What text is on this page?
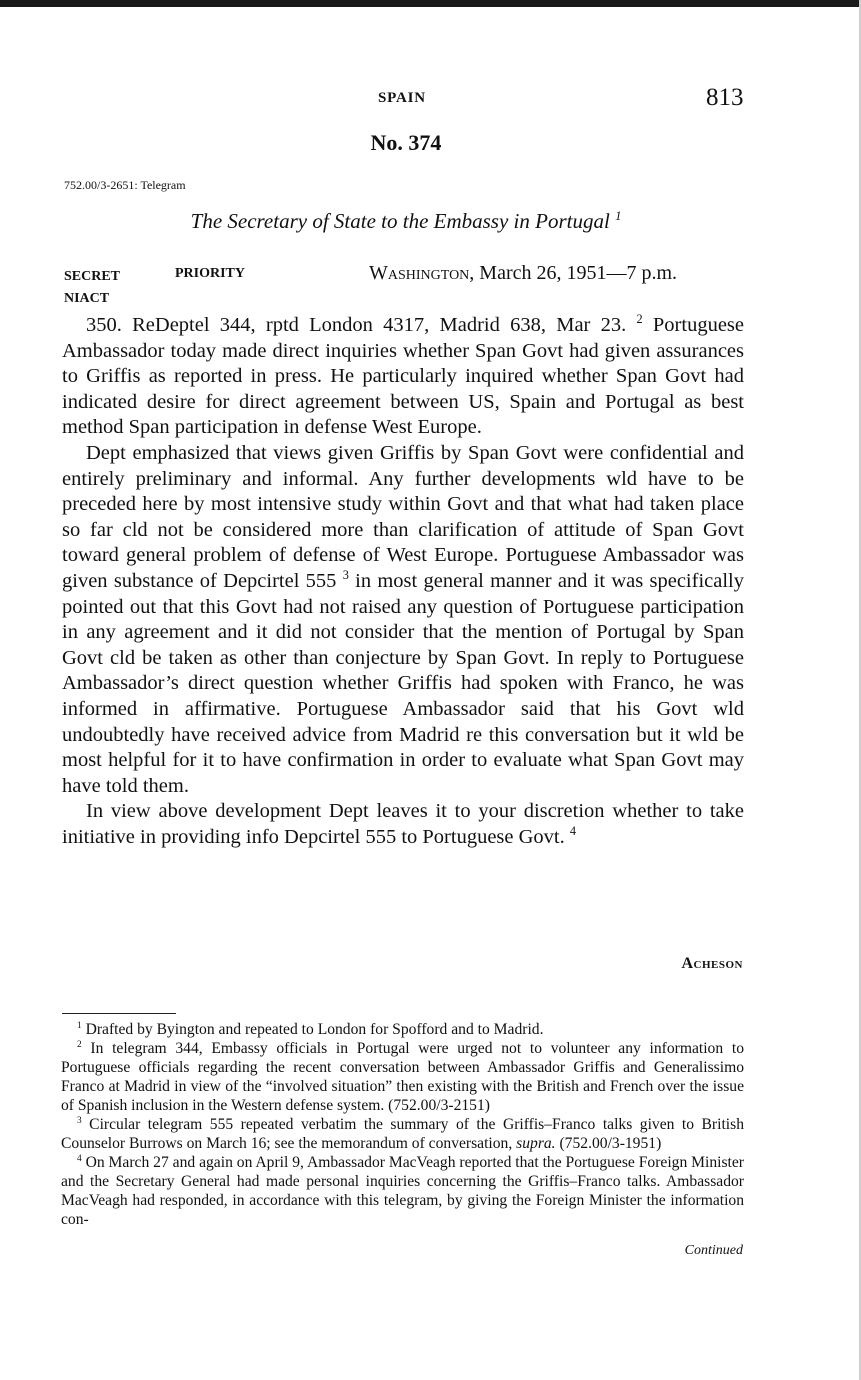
SPAIN	813
No. 374
752.00/3-2651: Telegram
The Secretary of State to the Embassy in Portugal $^1$
SECRET
NIACT
PRIORITY	Washington, March 26, 1951—7 p.m.

350. ReDeptel 344, rptd London 4317, Madrid 638, Mar 23. $^2$ Portuguese Ambassador today made direct inquiries whether Span Govt had given assurances to Griffis as reported in press. He particularly inquired whether Span Govt had indicated desire for direct agreement between US, Spain and Portugal as best method Span participation in defense West Europe.

Dept emphasized that views given Griffis by Span Govt were confidential and entirely preliminary and informal. Any further developments wld have to be preceded here by most intensive study within Govt and that what had taken place so far cld not be considered more than clarification of attitude of Span Govt toward general problem of defense of West Europe. Portuguese Ambassador was given substance of Depcirtel 555 $^3$ in most general manner and it was specifically pointed out that this Govt had not raised any question of Portuguese participation in any agreement and it did not consider that the mention of Portugal by Span Govt cld be taken as other than conjecture by Span Govt. In reply to Portuguese Ambassador’s direct question whether Griffis had spoken with Franco, he was informed in affirmative. Portuguese Ambassador said that his Govt wld undoubtedly have received advice from Madrid re this conversation but it wld be most helpful for it to have confirmation in order to evaluate what Span Govt may have told them.

In view above development Dept leaves it to your discretion whether to take initiative in providing info Depcirtel 555 to Portuguese Govt. $^4$

Acheson

$^1$ Drafted by Byington and repeated to London for Spofford and to Madrid.

$^2$ In telegram 344, Embassy officials in Portugal were urged not to volunteer any information to Portuguese officials regarding the recent conversation between Ambassador Griffis and Generalissimo Franco at Madrid in view of the “involved situation” then existing with the British and French over the issue of Spanish inclusion in the Western defense system. (752.00/3-2151)

$^3$ Circular telegram 555 repeated verbatim the summary of the Griffis–Franco talks given to British Counselor Burrows on March 16; see the memorandum of conversation, supra. (752.00/3-1951)

$^4$ On March 27 and again on April 9, Ambassador MacVeagh reported that the Portuguese Foreign Minister and the Secretary General had made personal inquiries concerning the Griffis–Franco talks. Ambassador MacVeagh had responded, in accordance with this telegram, by giving the Foreign Minister the information con-

Continued
